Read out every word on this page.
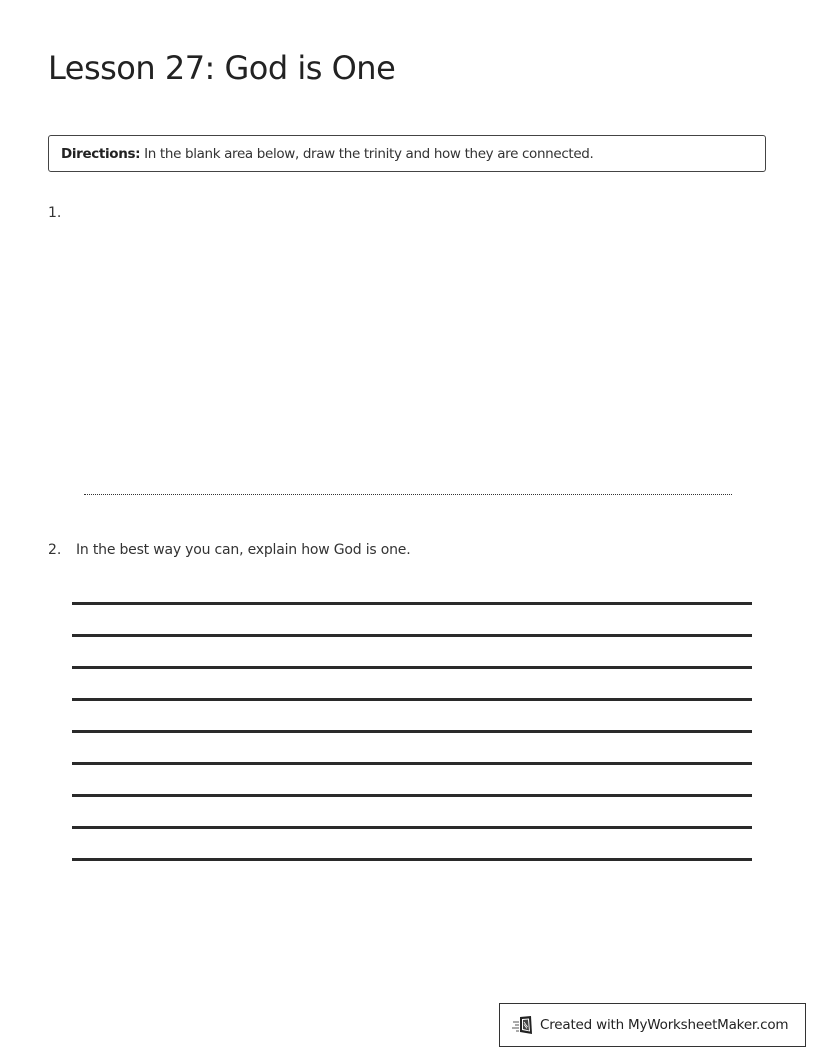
Lesson 27: God is One
Directions: In the blank area below, draw the trinity and how they are connected.
1.
2. In the best way you can, explain how God is one.
Created with MyWorksheetMaker.com
